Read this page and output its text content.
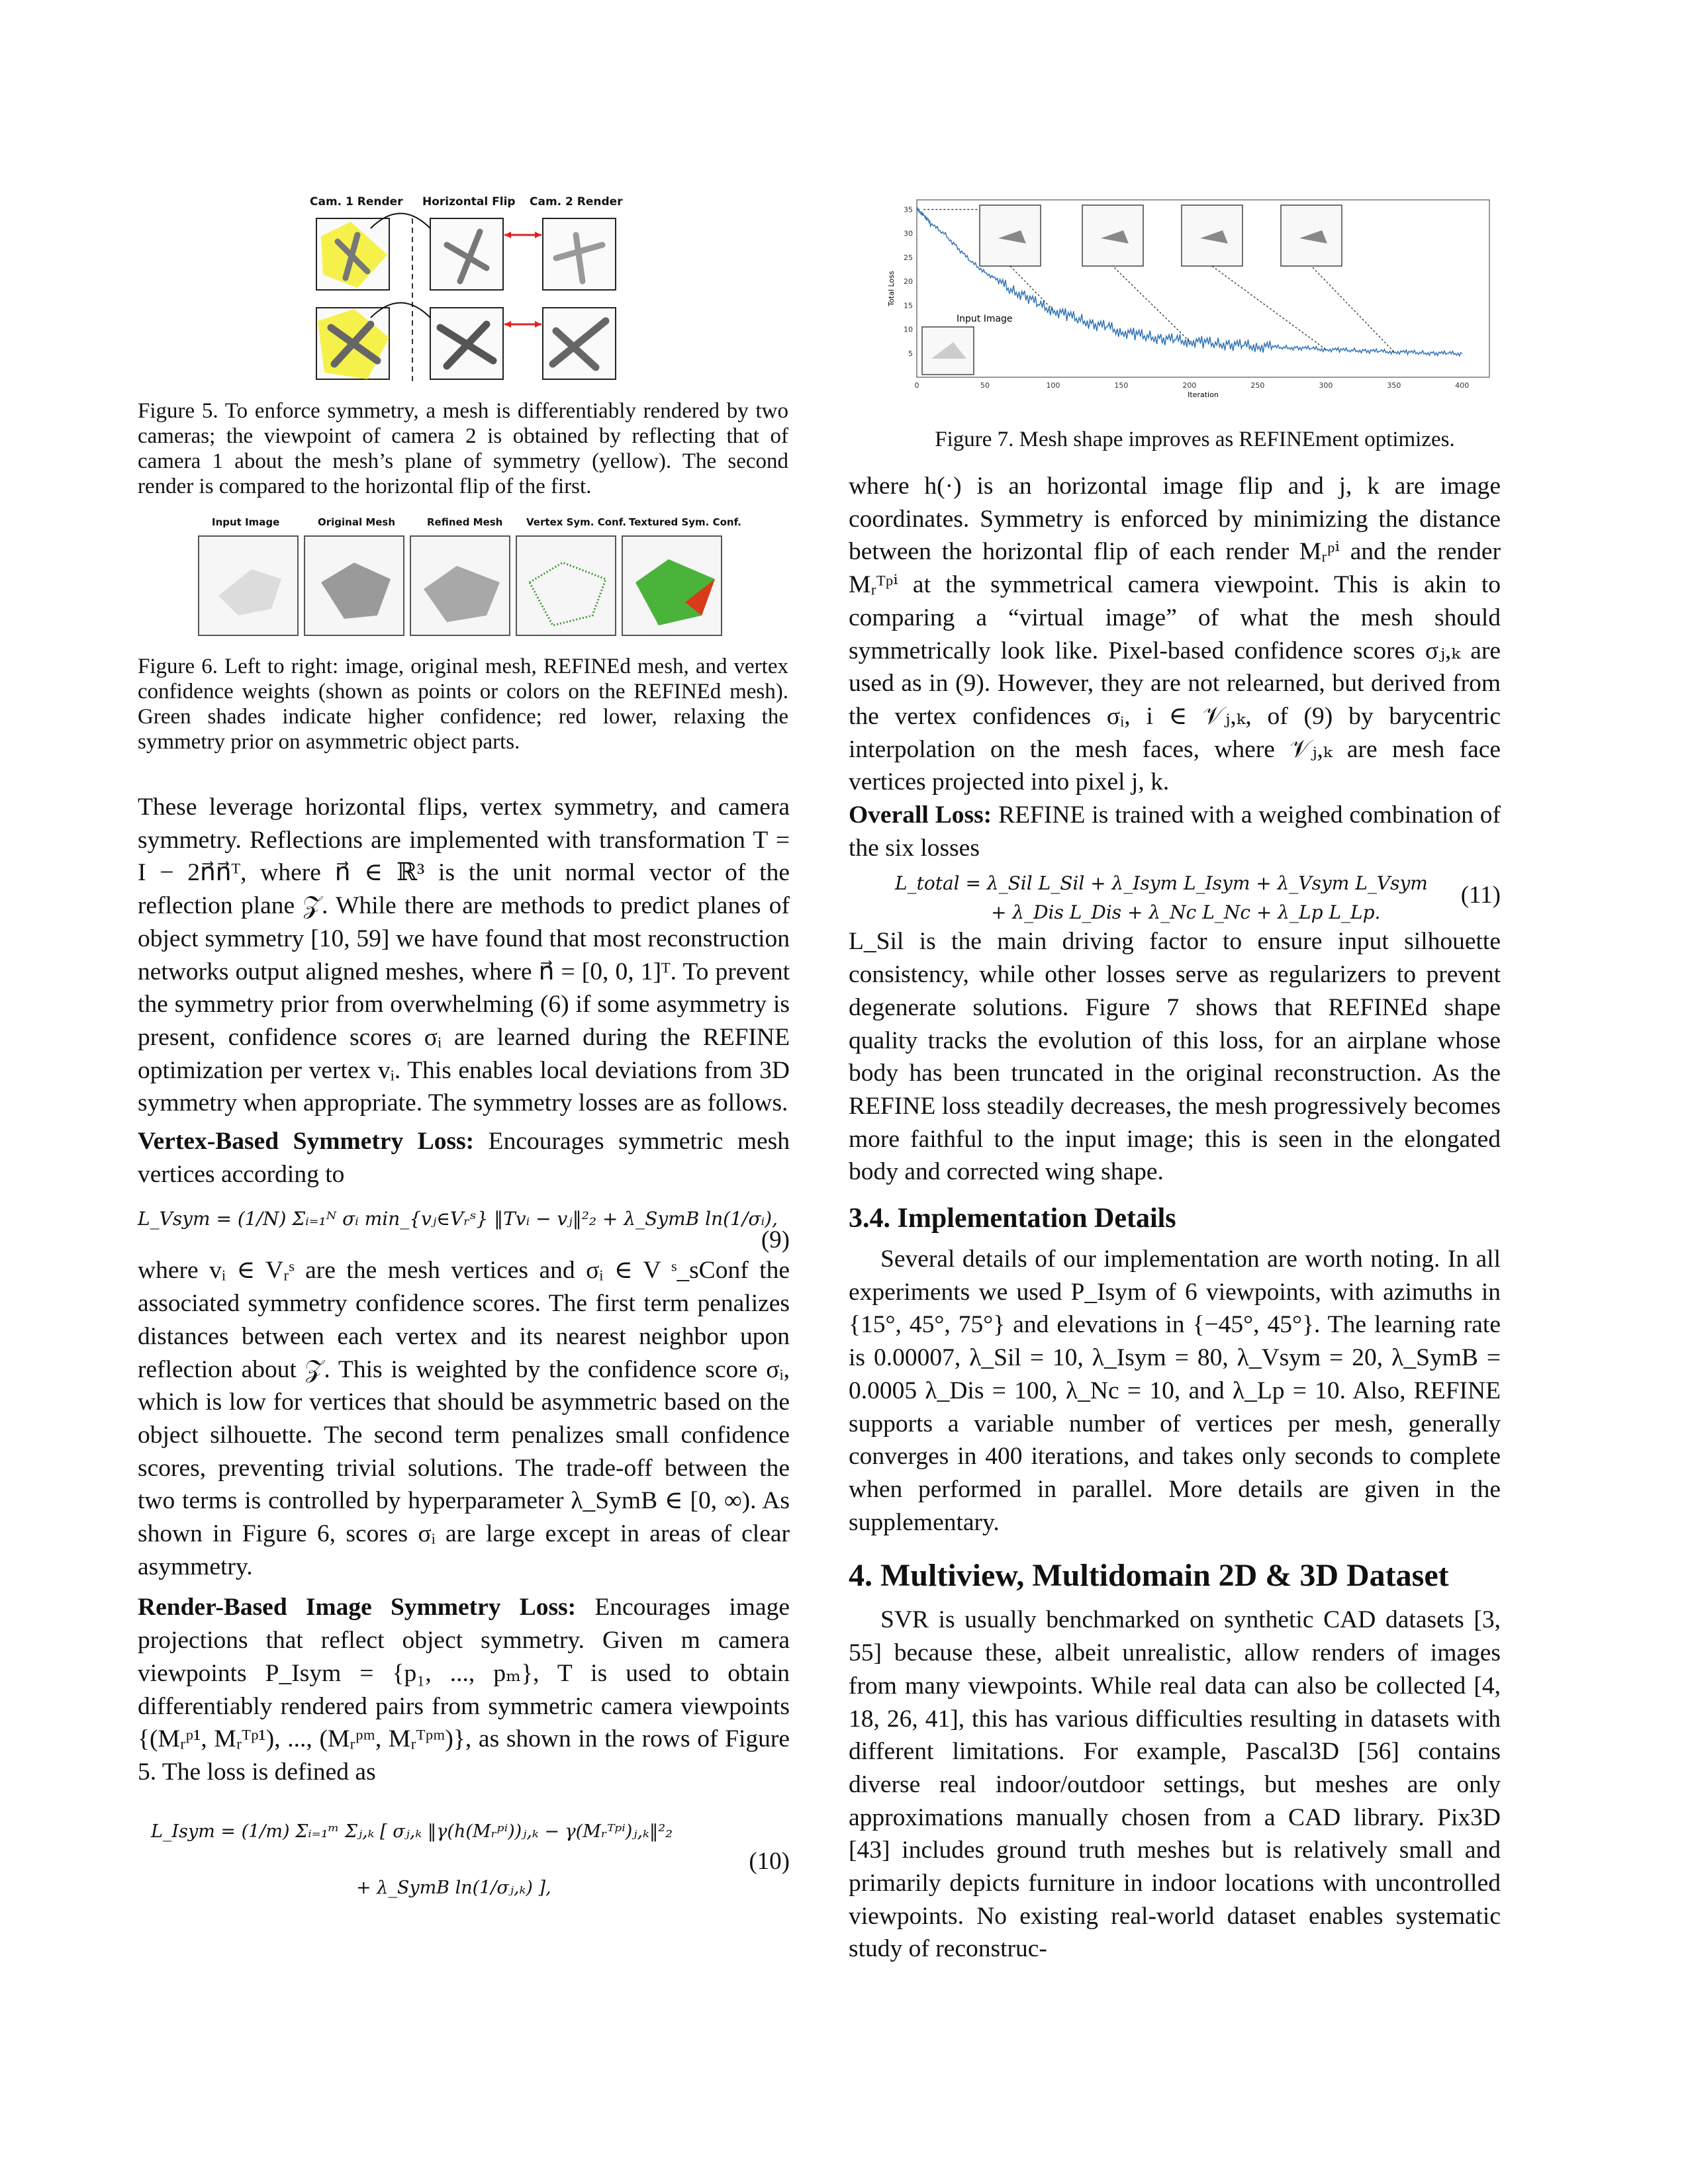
Cam. 1 Render Horizontal Flip Cam. 2 Render
Figure 5. To enforce symmetry, a mesh is differentiably rendered by two cameras; the viewpoint of camera 2 is obtained by reflecting that of camera 1 about the mesh’s plane of symmetry (yellow). The second render is compared to the horizontal flip of the first.
Input Image	Original Mesh	Refined Mesh Vertex Sym. Conf. Textured Sym. Conf.
Figure 6. Left to right: image, original mesh, REFINEd mesh, and vertex confidence weights (shown as points or colors on the REFINEd mesh). Green shades indicate higher confidence; red lower, relaxing the symmetry prior on asymmetric object parts.
0	50	100	150	200	250	300	350	400
5
10
15
20
25
30
35
Iteration
Total Loss
Input Image
Figure 7. Mesh shape improves as REFINEment optimizes.

These leverage horizontal flips, vertex symmetry, and camera symmetry. Reflections are implemented with transformation T = I − 2n⃗n⃗ᵀ, where n⃗ ∈ ℝ³ is the unit normal vector of the reflection plane 𝒵. While there are methods to predict planes of object symmetry [10, 59] we have found that most reconstruction networks output aligned meshes, where n⃗ = [0, 0, 1]ᵀ. To prevent the symmetry prior from overwhelming (6) if some asymmetry is present, confidence scores σᵢ are learned during the REFINE optimization per vertex vᵢ. This enables local deviations from 3D symmetry when appropriate. The symmetry losses are as follows.

Vertex-Based Symmetry Loss: Encourages symmetric mesh vertices according to

L_Vsym = (1/N) Σᵢ₌₁ᴺ σᵢ min_{vⱼ∈Vᵣˢ} ‖Tvᵢ − vⱼ‖²₂ + λ_SymB ln(1/σᵢ),
(9)

where vᵢ ∈ Vᵣˢ are the mesh vertices and σᵢ ∈ V ˢ_sConf the associated symmetry confidence scores. The first term penalizes distances between each vertex and its nearest neighbor upon reflection about 𝒵. This is weighted by the confidence score σᵢ, which is low for vertices that should be asymmetric based on the object silhouette. The second term penalizes small confidence scores, preventing trivial solutions. The trade-off between the two terms is controlled by hyperparameter λ_SymB ∈ [0, ∞). As shown in Figure 6, scores σᵢ are large except in areas of clear asymmetry.

Render-Based Image Symmetry Loss: Encourages image projections that reflect object symmetry. Given m camera viewpoints P_Isym = {p₁, ..., pₘ}, T is used to obtain differentiably rendered pairs from symmetric camera viewpoints {(Mᵣᵖ¹, Mᵣᵀᵖ¹), ..., (Mᵣᵖᵐ, Mᵣᵀᵖᵐ)}, as shown in the rows of Figure 5. The loss is defined as

L_Isym = (1/m) Σᵢ₌₁ᵐ Σⱼ,ₖ [ σⱼ,ₖ ‖γ(h(Mᵣᵖⁱ))ⱼ,ₖ − γ(Mᵣᵀᵖⁱ)ⱼ,ₖ‖²₂
+ λ_SymB ln(1/σⱼ,ₖ) ],
(10)

where h(·) is an horizontal image flip and j, k are image coordinates. Symmetry is enforced by minimizing the distance between the horizontal flip of each render Mᵣᵖⁱ and the render Mᵣᵀᵖⁱ at the symmetrical camera viewpoint. This is akin to comparing a “virtual image” of what the mesh should symmetrically look like. Pixel-based confidence scores σⱼ,ₖ are used as in (9). However, they are not relearned, but derived from the vertex confidences σᵢ, i ∈ 𝒱ⱼ,ₖ, of (9) by barycentric interpolation on the mesh faces, where 𝒱ⱼ,ₖ are mesh face vertices projected into pixel j, k.

Overall Loss: REFINE is trained with a weighed combination of the six losses

L_total = λ_Sil L_Sil + λ_Isym L_Isym + λ_Vsym L_Vsym
+ λ_Dis L_Dis + λ_Nc L_Nc + λ_Lp L_Lp.
(11)

L_Sil is the main driving factor to ensure input silhouette consistency, while other losses serve as regularizers to prevent degenerate solutions. Figure 7 shows that REFINEd shape quality tracks the evolution of this loss, for an airplane whose body has been truncated in the original reconstruction. As the REFINE loss steadily decreases, the mesh progressively becomes more faithful to the input image; this is seen in the elongated body and corrected wing shape.

3.4. Implementation Details

Several details of our implementation are worth noting. In all experiments we used P_Isym of 6 viewpoints, with azimuths in {15°, 45°, 75°} and elevations in {−45°, 45°}. The learning rate is 0.00007, λ_Sil = 10, λ_Isym = 80, λ_Vsym = 20, λ_SymB = 0.0005 λ_Dis = 100, λ_Nc = 10, and λ_Lp = 10. Also, REFINE supports a variable number of vertices per mesh, generally converges in 400 iterations, and takes only seconds to complete when performed in parallel. More details are given in the supplementary.

4. Multiview, Multidomain 2D & 3D Dataset

SVR is usually benchmarked on synthetic CAD datasets [3, 55] because these, albeit unrealistic, allow renders of images from many viewpoints. While real data can also be collected [4, 18, 26, 41], this has various difficulties resulting in datasets with different limitations. For example, Pascal3D [56] contains diverse real indoor/outdoor settings, but meshes are only approximations manually chosen from a CAD library. Pix3D [43] includes ground truth meshes but is relatively small and primarily depicts furniture in indoor locations with uncontrolled viewpoints. No existing real-world dataset enables systematic study of reconstruc-
